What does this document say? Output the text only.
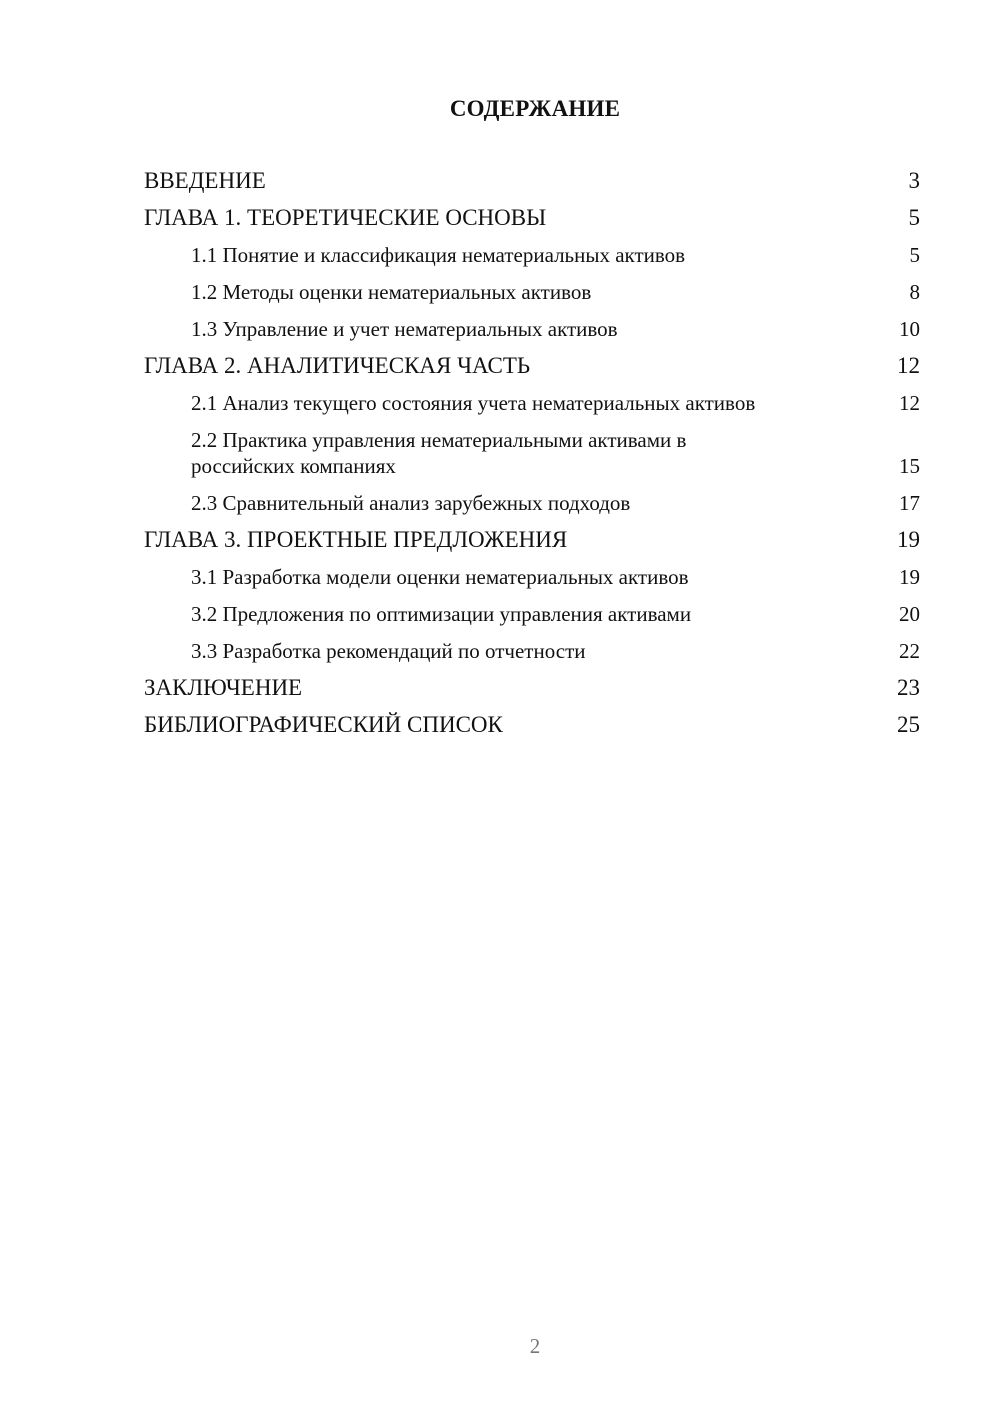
СОДЕРЖАНИЕ
ВВЕДЕНИЕ	3
ГЛАВА 1. ТЕОРЕТИЧЕСКИЕ ОСНОВЫ	5
1.1 Понятие и классификация нематериальных активов	5
1.2 Методы оценки нематериальных активов	8
1.3 Управление и учет нематериальных активов	10
ГЛАВА 2. АНАЛИТИЧЕСКАЯ ЧАСТЬ	12
2.1 Анализ текущего состояния учета нематериальных активов	12
2.2 Практика управления нематериальными активами в российских компаниях	15
2.3 Сравнительный анализ зарубежных подходов	17
ГЛАВА 3. ПРОЕКТНЫЕ ПРЕДЛОЖЕНИЯ	19
3.1 Разработка модели оценки нематериальных активов	19
3.2 Предложения по оптимизации управления активами	20
3.3 Разработка рекомендаций по отчетности	22
ЗАКЛЮЧЕНИЕ	23
БИБЛИОГРАФИЧЕСКИЙ СПИСОК	25
2
